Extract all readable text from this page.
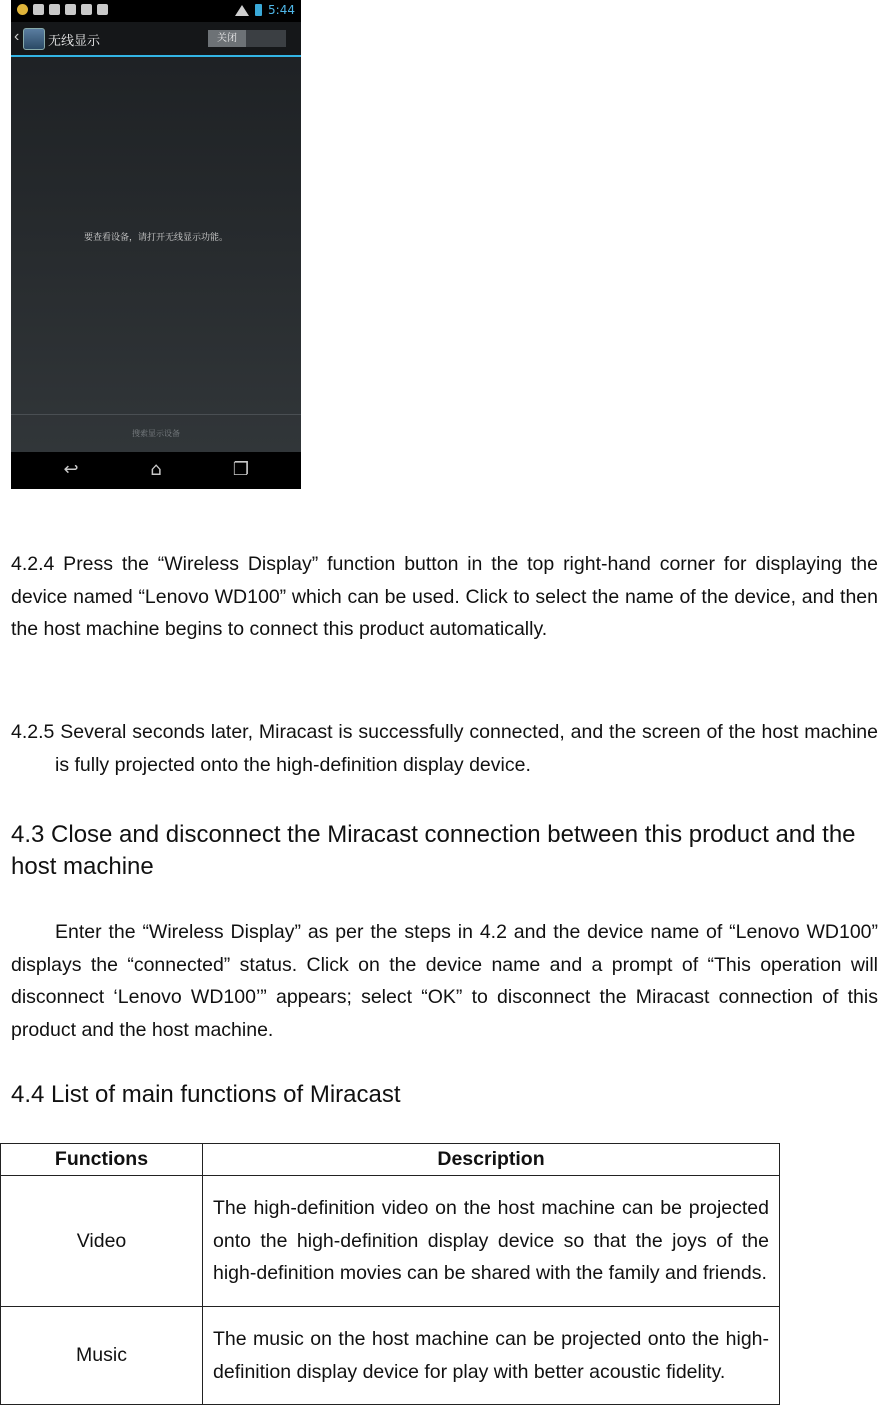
5:44
‹ 无线显示	关闭
要查看设备，请打开无线显示功能。
搜索显示设备
↩	⌂	❐

4.2.4 Press the “Wireless Display” function button in the top right-hand corner for displaying the device named “Lenovo WD100” which can be used. Click to select the name of the device, and then the host machine begins to connect this product automatically.

4.2.5 Several seconds later, Miracast is successfully connected, and the screen of the host machine is fully projected onto the high-definition display device.

4.3 Close and disconnect the Miracast connection between this product and the host machine

Enter the “Wireless Display” as per the steps in 4.2 and the device name of “Lenovo WD100” displays the “connected” status. Click on the device name and a prompt of “This operation will disconnect ‘Lenovo WD100’” appears; select “OK” to disconnect the Miracast connection of this product and the host machine.

4.4 List of main functions of Miracast
Functions	Description
Video	The high-definition video on the host machine can be projected onto the high-definition display device so that the joys of the high-definition movies can be shared with the family and friends.
Music	The music on the host machine can be projected onto the high-definition display device for play with better acoustic fidelity.
